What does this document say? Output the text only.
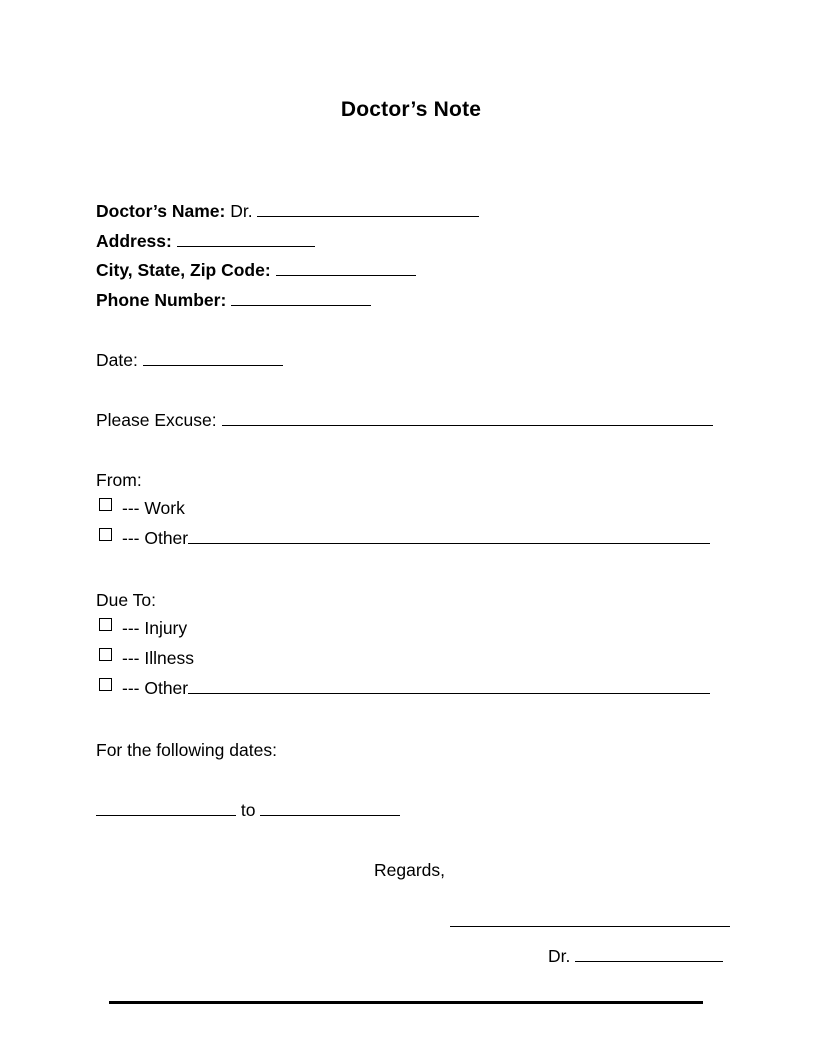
Doctor’s Note
Doctor’s Name: Dr.
Address:
City, State, Zip Code:
Phone Number:
Date:
Please Excuse:
From:
--- Work
--- Other
Due To:
--- Injury
--- Illness
--- Other
For the following dates:
to
Regards,
Dr.
